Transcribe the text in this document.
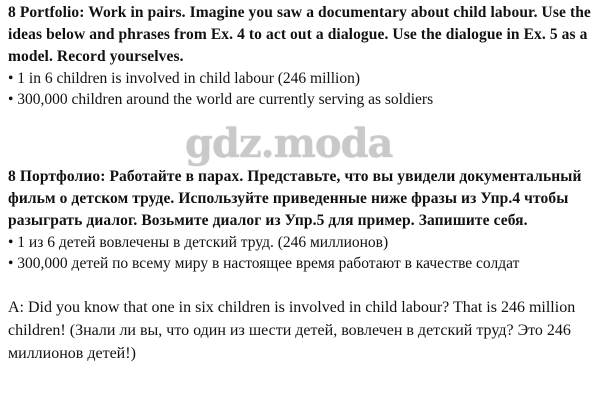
8 Portfolio: Work in pairs. Imagine you saw a documentary about child labour. Use the ideas below and phrases from Ex. 4 to act out a dialogue. Use the dialogue in Ex. 5 as a model. Record yourselves.

• 1 in 6 children is involved in child labour (246 million)

• 300,000 children around the world are currently serving as soldiers

gdz.moda

8 Портфолио: Работайте в парах. Представьте, что вы увидели документальный фильм о детском труде. Используйте приведенные ниже фразы из Упр.4 чтобы разыграть диалог. Возьмите диалог из Упр.5 для пример. Запишите себя.

• 1 из 6 детей вовлечены в детский труд. (246 миллионов)

• 300,000 детей по всему миру в настоящее время работают в качестве солдат

A: Did you know that one in six children is involved in child labour? That is 246 million children! (Знали ли вы, что один из шести детей, вовлечен в детский труд? Это 246 миллионов детей!)
